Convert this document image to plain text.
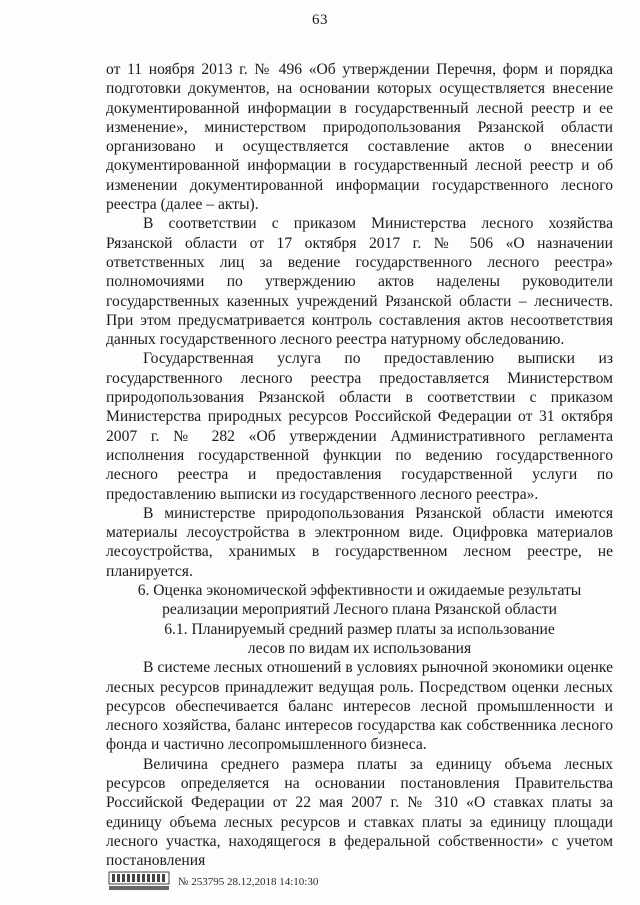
63

от 11 ноября 2013 г. № 496 «Об утверждении Перечня, форм и порядка подготовки документов, на основании которых осуществляется внесение документированной информации в государственный лесной реестр и ее изменение», министерством природопользования Рязанской области организовано и осуществляется составление актов о внесении документированной информации в государственный лесной реестр и об изменении документированной информации государственного лесного реестра (далее – акты).

В соответствии с приказом Министерства лесного хозяйства Рязанской области от 17 октября 2017 г. № 506 «О назначении ответственных лиц за ведение государственного лесного реестра» полномочиями по утверждению актов наделены руководители государственных казенных учреждений Рязанской области – лесничеств. При этом предусматривается контроль составления актов несоответствия данных государственного лесного реестра натурному обследованию.

Государственная услуга по предоставлению выписки из государственного лесного реестра предоставляется Министерством природопользования Рязанской области в соответствии с приказом Министерства природных ресурсов Российской Федерации от 31 октября 2007 г. № 282 «Об утверждении Административного регламента исполнения государственной функции по ведению государственного лесного реестра и предоставления государственной услуги по предоставлению выписки из государственного лесного реестра».

В министерстве природопользования Рязанской области имеются материалы лесоустройства в электронном виде. Оцифровка материалов лесоустройства, хранимых в государственном лесном реестре, не планируется.

6. Оценка экономической эффективности и ожидаемые результаты

реализации мероприятий Лесного плана Рязанской области

6.1. Планируемый средний размер платы за использование

лесов по видам их использования

В системе лесных отношений в условиях рыночной экономики оценке лесных ресурсов принадлежит ведущая роль. Посредством оценки лесных ресурсов обеспечивается баланс интересов лесной промышленности и лесного хозяйства, баланс интересов государства как собственника лесного фонда и частично лесопромышленного бизнеса.

Величина среднего размера платы за единицу объема лесных ресурсов определяется на основании постановления Правительства Российской Федерации от 22 мая 2007 г. № 310 «О ставках платы за единицу объема лесных ресурсов и ставках платы за единицу площади лесного участка, находящегося в федеральной собственности» с учетом постановления

№ 253795 28.12,2018 14:10:30
